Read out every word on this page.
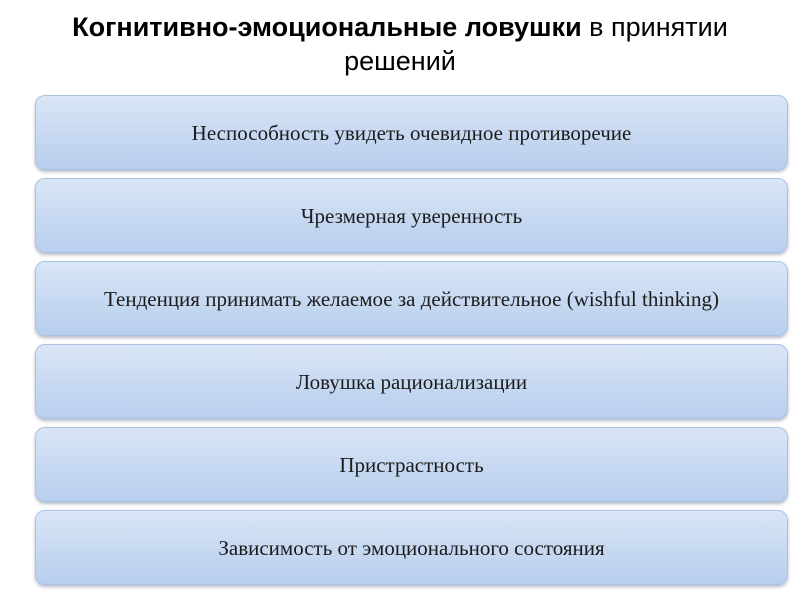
Когнитивно-эмоциональные ловушки в принятии решений
Неспособность увидеть очевидное противоречие
Чрезмерная уверенность
Тенденция принимать желаемое за действительное (wishful thinking)
Ловушка рационализации
Пристрастность
Зависимость от эмоционального состояния
